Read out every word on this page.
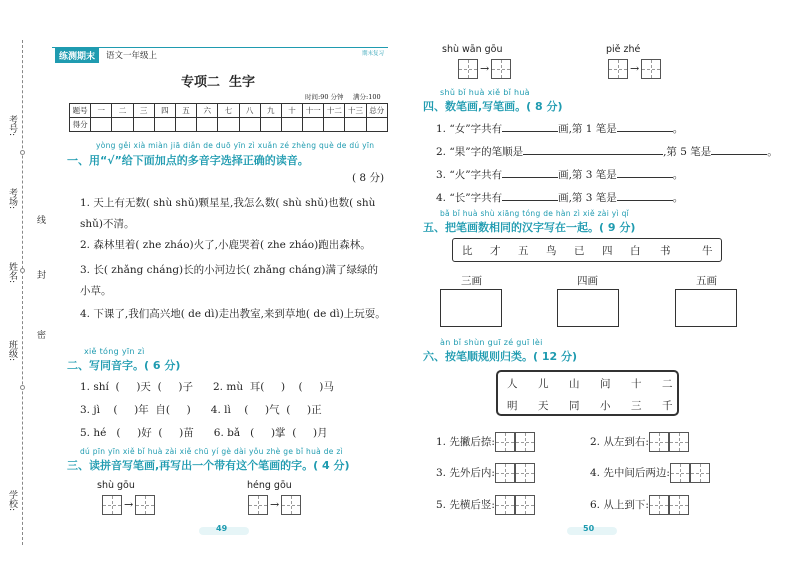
考号:
考场:
线
姓名: 封
班级:
密
学校:
练测期末	语文一年级上	期末复习
专项二  生字
时间:90 分钟 满分:100
题号	一	二	三	四	五	六	七	八	九	十	十一	十二	十三	总分
得分														
yòng gěi xià miàn jiā diǎn de duō yīn zì xuǎn zé zhèng què de dú yīn
一、用“√”给下面加点的多音字选择正确的读音。
( 8 分)
1. 天上有无数( shù shǔ)颗星星,我怎么数( shù shǔ)也数( shù shǔ)不清。
2. 森林里着( zhe zháo)火了,小鹿哭着( zhe zháo)跑出森林。
3. 长( zhǎng cháng)长的小河边长( zhǎng cháng)满了绿绿的小草。
4. 下课了,我们高兴地( de dì)走出教室,来到草地( de dì)上玩耍。
xiě tóng yīn zì
二、写同音字。( 6 分)
1. shí  (     )天  (     )子      2. mù  耳(     )    (     )马
3. jì    (     )年  自(     )      4. lì    (     )气  (     )正
5. hé   (     )好  (     )苗      6. bǎ   (     )掌  (     )月
dú pīn yīn xiě bǐ huà zài xiě chū yí gè dài yǒu zhè ge bǐ huà de zì
三、读拼音写笔画,再写出一个带有这个笔画的字。( 4 分)
shù gōu
→
héng gōu
→
49
shù wān gōu
→
piě zhé
→
shǔ bǐ huà xiě bǐ huà
四、数笔画,写笔画。( 8 分)
1. “女”字共有	画,第 1 笔是	。
2. “果”字的笔顺是	,第 5 笔是	。
3. “火”字共有	画,第 3 笔是	。
4. “长”字共有	画,第 3 笔是	。
bǎ bǐ huà shù xiāng tóng de hàn zì xiě zài yì qǐ
五、把笔画数相同的汉字写在一起。( 9 分)
比 才 五 鸟 已 四 白 书	牛
三画	四画	五画
àn bǐ shùn guī zé guī lèi
六、按笔顺规则归类。( 12 分)
人 儿 山 问 十 二
明 天 同 小 三 千
1. 先撇后捺:	2. 从左到右:
3. 先外后内:	4. 先中间后两边:
5. 先横后竖:	6. 从上到下:
50
